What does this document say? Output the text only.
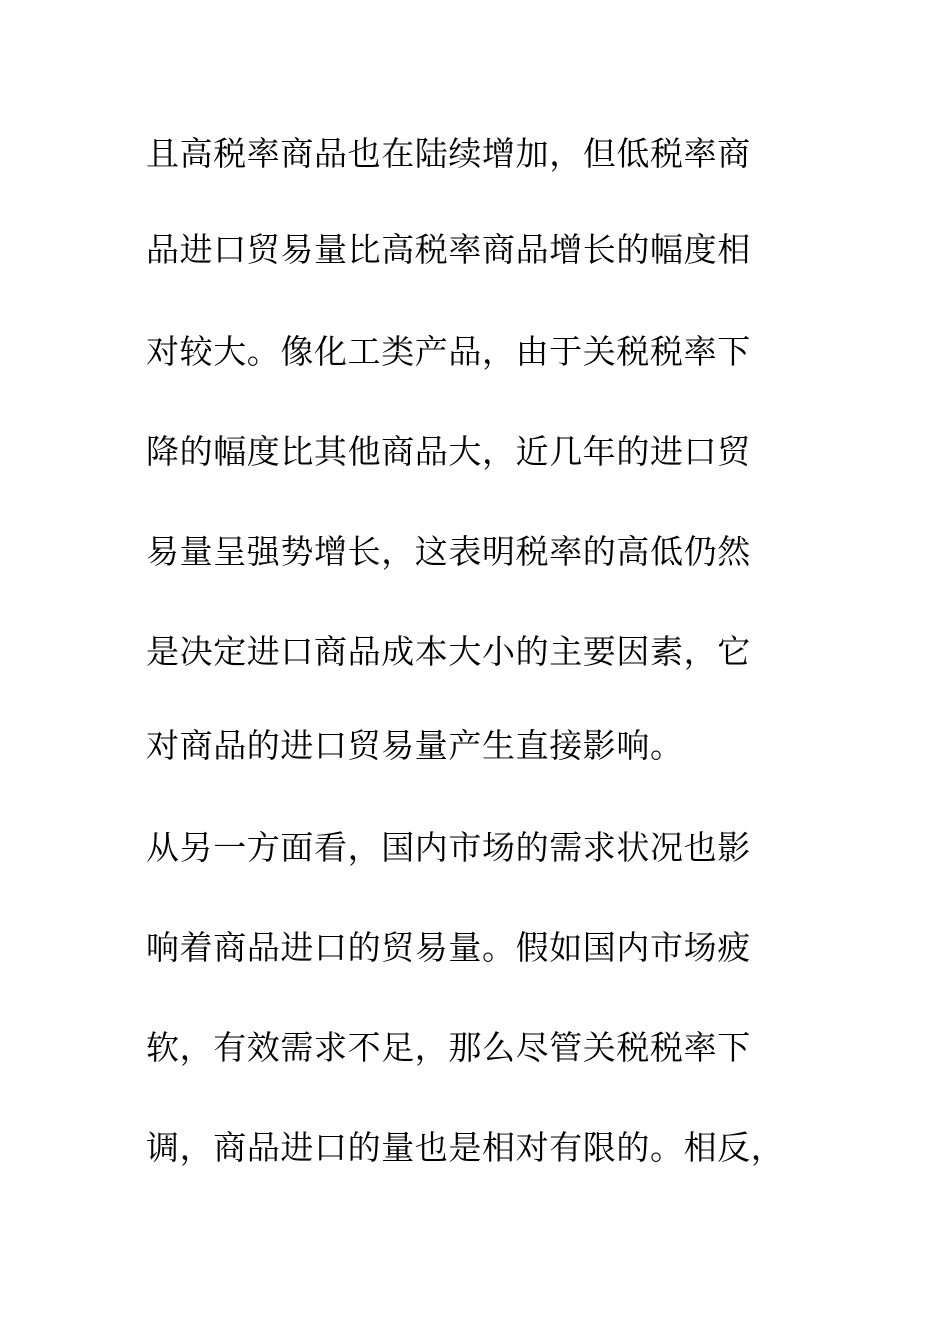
且高税率商品也在陆续增加，但低税率商
品进口贸易量比高税率商品增长的幅度相
对较大。像化工类产品，由于关税税率下
降的幅度比其他商品大，近几年的进口贸
易量呈强势增长，这表明税率的高低仍然
是决定进口商品成本大小的主要因素，它
对商品的进口贸易量产生直接影响。
从另一方面看，国内市场的需求状况也影
响着商品进口的贸易量。假如国内市场疲
软，有效需求不足，那么尽管关税税率下
调，商品进口的量也是相对有限的。相反，
